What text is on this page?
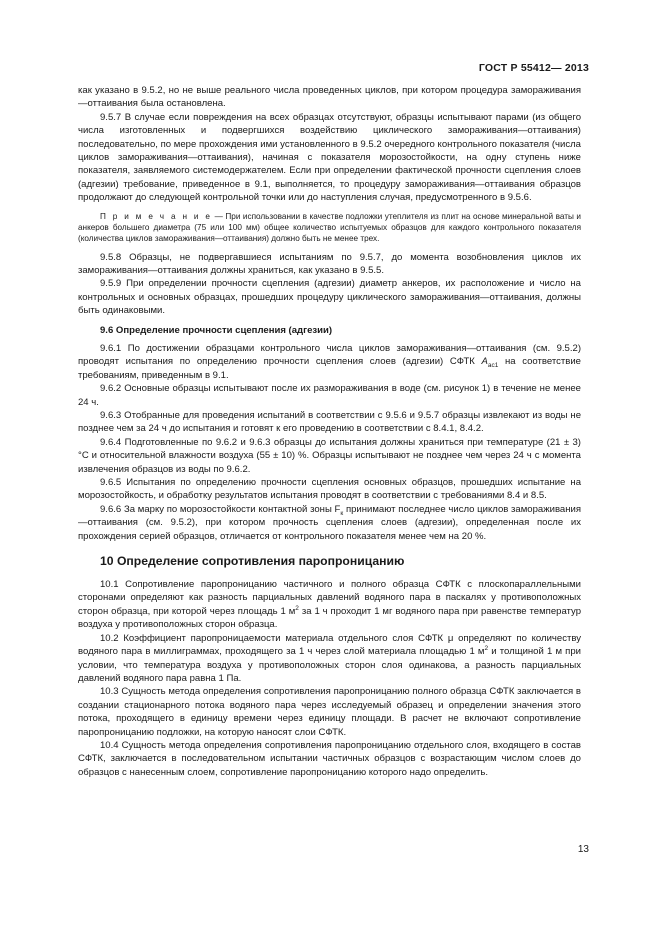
ГОСТ Р 55412— 2013

как указано в 9.5.2, но не выше реального числа проведенных циклов, при котором процедура замораживания—оттаивания была остановлена.

9.5.7 В случае если повреждения на всех образцах отсутствуют, образцы испытывают парами (из общего числа изготовленных и подвергшихся воздействию циклического замораживания—оттаивания) последовательно, по мере прохождения ими установленного в 9.5.2 очередного контрольного показателя (числа циклов замораживания—оттаивания), начиная с показателя морозостойкости, на одну ступень ниже показателя, заявляемого системодержателем. Если при определении фактической прочности сцепления слоев (адгезии) требование, приведенное в 9.1, выполняется, то процедуру замораживания—оттаивания образцов продолжают до следующей контрольной точки или до наступления случая, предусмотренного в 9.5.6.

П р и м е ч а н и е — При использовании в качестве подложки утеплителя из плит на основе минеральной ваты и анкеров большего диаметра (75 или 100 мм) общее количество испытуемых образцов для каждого контрольного показателя (количества циклов замораживания—оттаивания) должно быть не менее трех.

9.5.8 Образцы, не подвергавшиеся испытаниям по 9.5.7, до момента возобновления циклов их замораживания—оттаивания должны храниться, как указано в 9.5.5.

9.5.9 При определении прочности сцепления (адгезии) диаметр анкеров, их расположение и число на контрольных и основных образцах, прошедших процедуру циклического замораживания—оттаивания, должны быть одинаковыми.

9.6 Определение прочности сцепления (адгезии)

9.6.1 По достижении образцами контрольного числа циклов замораживания—оттаивания (см. 9.5.2) проводят испытания по определению прочности сцепления слоев (адгезии) СФТК $A_{ас1}$ на соответствие требованиям, приведенным в 9.1.

9.6.2 Основные образцы испытывают после их размораживания в воде (см. рисунок 1) в течение не менее 24 ч.

9.6.3 Отобранные для проведения испытаний в соответствии с 9.5.6 и 9.5.7 образцы извлекают из воды не позднее чем за 24 ч до испытания и готовят к его проведению в соответствии с 8.4.1, 8.4.2.

9.6.4 Подготовленные по 9.6.2 и 9.6.3 образцы до испытания должны храниться при температуре (21 ± 3) °C и относительной влажности воздуха (55 ± 10) %. Образцы испытывают не позднее чем через 24 ч с момента извлечения образцов из воды по 9.6.2.

9.6.5 Испытания по определению прочности сцепления основных образцов, прошедших испытание на морозостойкость, и обработку результатов испытания проводят в соответствии с требованиями 8.4 и 8.5.

9.6.6 За марку по морозостойкости контактной зоны $F_к$ принимают последнее число циклов замораживания—оттаивания (см. 9.5.2), при котором прочность сцепления слоев (адгезии), определенная после их прохождения серией образцов, отличается от контрольного показателя менее чем на 20 %.

10 Определение сопротивления паропроницанию

10.1 Сопротивление паропроницанию частичного и полного образца СФТК с плоскопараллельными сторонами определяют как разность парциальных давлений водяного пара в паскалях у противоположных сторон образца, при которой через площадь 1 $м^2$ за 1 ч проходит 1 мг водяного пара при равенстве температур воздуха у противоположных сторон образца.

10.2 Коэффициент паропроницаемости материала отдельного слоя СФТК μ определяют по количеству водяного пара в миллиграммах, проходящего за 1 ч через слой материала площадью 1 $м^2$ и толщиной 1 м при условии, что температура воздуха у противоположных сторон слоя одинакова, а разность парциальных давлений водяного пара равна 1 Па.

10.3 Сущность метода определения сопротивления паропроницанию полного образца СФТК заключается в создании стационарного потока водяного пара через исследуемый образец и определении значения этого потока, проходящего в единицу времени через единицу площади. В расчет не включают сопротивление паропроницанию подложки, на которую наносят слои СФТК.

10.4 Сущность метода определения сопротивления паропроницанию отдельного слоя, входящего в состав СФТК, заключается в последовательном испытании частичных образцов с возрастающим числом слоев до образцов с нанесенным слоем, сопротивление паропроницанию которого надо определить.

13
